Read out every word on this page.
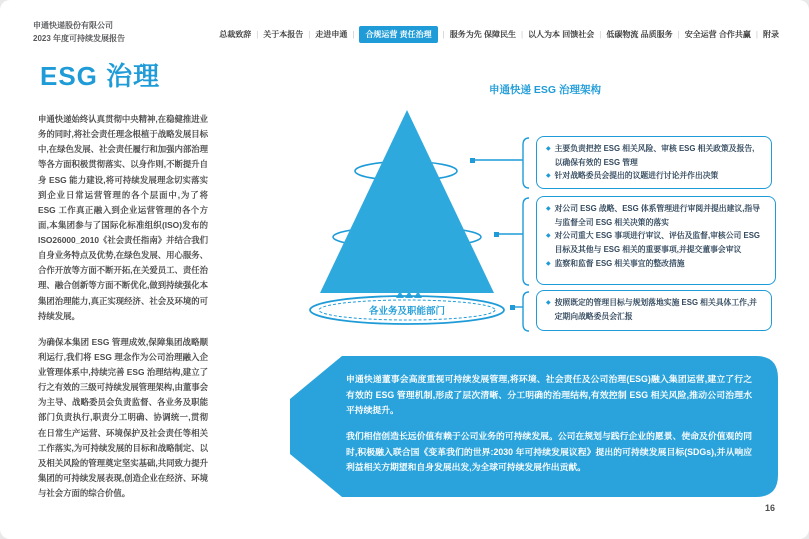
申通快递股份有限公司
2023 年度可持续发展报告	总裁致辞 | 关于本报告 | 走进申通 |	合规运营 责任治理	| 服务为先 保障民生 | 以人为本 回馈社会 | 低碳物流 品质服务 | 安全运营 合作共赢 | 附录
ESG 治理

申通快递始终认真贯彻中央精神,在稳健推进业务的同时,将社会责任理念根植于战略发展目标中,在绿色发展、社会责任履行和加强内部治理等各方面积极贯彻落实、以身作则,不断提升自身 ESG 能力建设,将可持续发展理念切实落实到企业日常运营管理的各个层面中,为了将 ESG 工作真正融入到企业运营管理的各个方面,本集团参与了国际化标准组织(ISO)发布的 ISO26000_2010《社会责任指南》并结合我们自身业务特点及优势,在绿色发展、用心服务、合作开放等方面不断开拓,在关爱员工、责任治理、融合创新等方面不断优化,做到持续强化本集团治理能力,真正实现经济、社会及环境的可持续发展。

为确保本集团 ESG 管理成效,保障集团战略顺利运行,我们将 ESG 理念作为公司治理融入企业管理体系中,持续完善 ESG 治理结构,建立了行之有效的三级可持续发展管理架构,由董事会为主导、战略委员会负责监督、各业务及职能部门负责执行,职责分工明确、协调统一,贯彻在日常生产运营、环境保护及社会责任等相关工作落实,为可持续发展的目标和战略制定、以及相关风险的管理奠定坚实基础,共同致力提升集团的可持续发展表现,创造企业在经济、环境与社会方面的综合价值。

申通快递 ESG 治理架构
各业务及职能部门
◆ 主要负责把控 ESG 相关风险、审核 ESG 相关政策及报告,以确保有效的 ESG 管理
◆ 针对战略委员会提出的议题进行讨论并作出决策
◆ 对公司 ESG 战略、ESG 体系管理进行审阅并提出建议,指导与监督全司 ESG 相关决策的落实
◆ 对公司重大 ESG 事项进行审议、评估及监督,审核公司 ESG 目标及其他与 ESG 相关的重要事项,并提交董事会审议
◆ 监察和监督 ESG 相关事宜的整改措施
◆ 按照既定的管理目标与规划落地实施 ESG 相关具体工作,并定期向战略委员会汇报

申通快递董事会高度重视可持续发展管理,将环境、社会责任及公司治理(ESG)融入集团运营,建立了行之有效的 ESG 管理机制,形成了层次清晰、分工明确的治理结构,有效控制 ESG 相关风险,推动公司治理水平持续提升。

我们相信创造长远价值有赖于公司业务的可持续发展。公司在规划与践行企业的愿景、使命及价值观的同时,积极融入联合国《变革我们的世界:2030 年可持续发展议程》提出的可持续发展目标(SDGs),并从响应利益相关方期望和自身发展出发,为全球可持续发展作出贡献。

16
